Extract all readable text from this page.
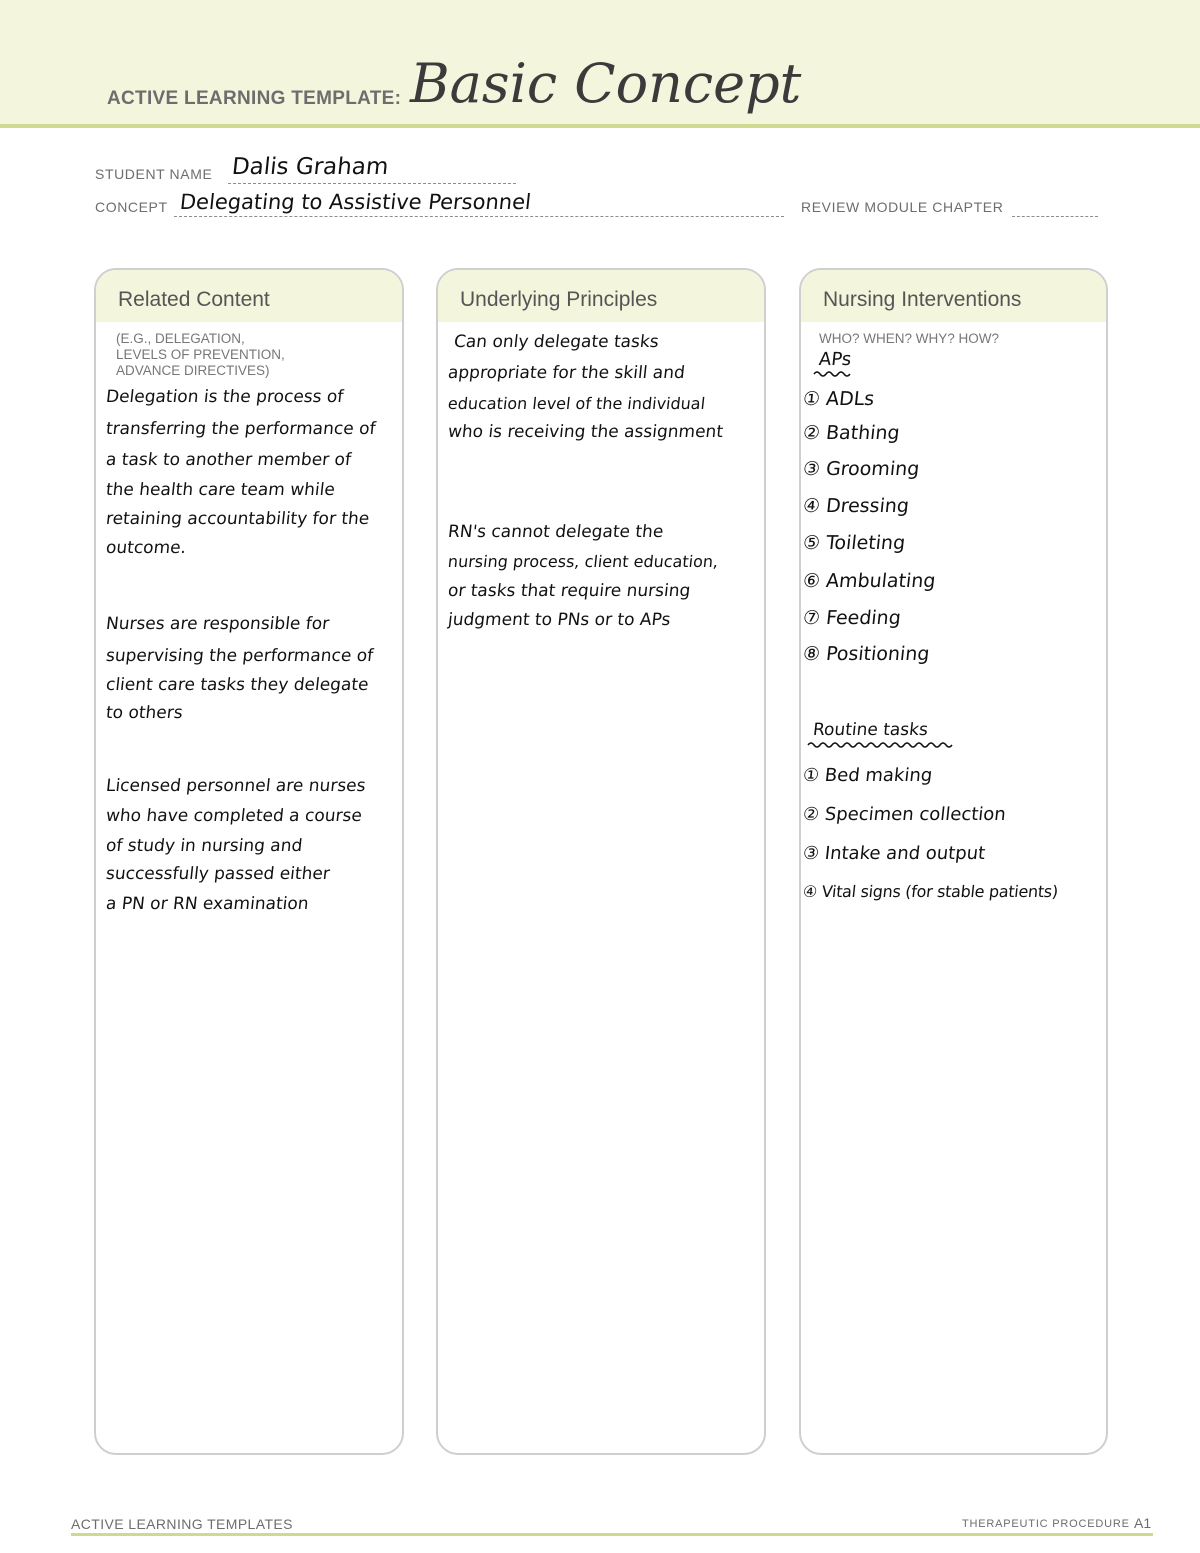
ACTIVE LEARNING TEMPLATE: Basic Concept
STUDENT NAME Dalis Graham
CONCEPT Delegating to Assistive Personnel	REVIEW MODULE CHAPTER
Related Content
(E.G., DELEGATION,
LEVELS OF PREVENTION,
ADVANCE DIRECTIVES)
Delegation is the process of
transferring the performance of
a task to another member of
the health care team while
retaining accountability for the
outcome.
Nurses are responsible for
supervising the performance of
client care tasks they delegate
to others
Licensed personnel are nurses
who have completed a course
of study in nursing and
successfully passed either
a PN or RN examination
Underlying Principles
Can only delegate tasks
appropriate for the skill and
education level of the individual
who is receiving the assignment
RN's cannot delegate the
nursing process, client education,
or tasks that require nursing
judgment to PNs or to APs
Nursing Interventions
WHO? WHEN? WHY? HOW?
APs
① ADLs
② Bathing
③ Grooming
④ Dressing
⑤ Toileting
⑥ Ambulating
⑦ Feeding
⑧ Positioning
Routine tasks
① Bed making
② Specimen collection
③ Intake and output
④ Vital signs (for stable patients)
ACTIVE LEARNING TEMPLATES	THERAPEUTIC PROCEDURE A1
